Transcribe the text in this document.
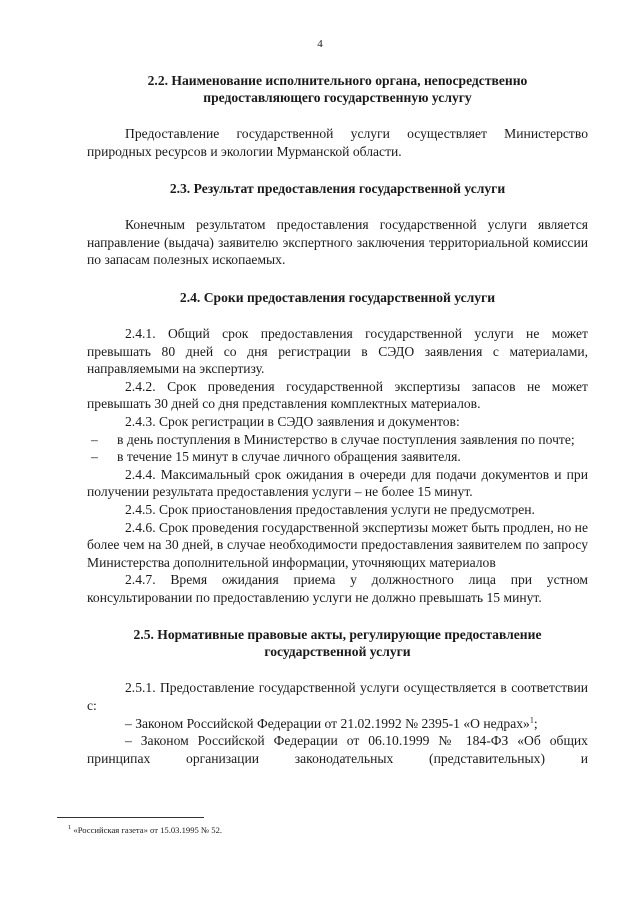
4
2.2. Наименование исполнительного органа, непосредственно
предоставляющего государственную услугу

Предоставление государственной услуги осуществляет Министерство природных ресурсов и экологии Мурманской области.

2.3. Результат предоставления государственной услуги

Конечным результатом предоставления государственной услуги является направление (выдача) заявителю экспертного заключения территориальной комиссии по запасам полезных ископаемых.

2.4. Сроки предоставления государственной услуги

2.4.1. Общий срок предоставления государственной услуги не может превышать 80 дней со дня регистрации в СЭДО заявления с материалами, направляемыми на экспертизу.

2.4.2. Срок проведения государственной экспертизы запасов не может превышать 30 дней со дня представления комплектных материалов.

2.4.3. Срок регистрации в СЭДО заявления и документов:

– в день поступления в Министерство в случае поступления заявления по почте;
– в течение 15 минут в случае личного обращения заявителя.

2.4.4. Максимальный срок ожидания в очереди для подачи документов и при получении результата предоставления услуги – не более 15 минут.

2.4.5. Срок приостановления предоставления услуги не предусмотрен.

2.4.6. Срок проведения государственной экспертизы может быть продлен, но не более чем на 30 дней, в случае необходимости предоставления заявителем по запросу Министерства дополнительной информации, уточняющих материалов

2.4.7. Время ожидания приема у должностного лица при устном консультировании по предоставлению услуги не должно превышать 15 минут.

2.5. Нормативные правовые акты, регулирующие предоставление
государственной услуги

2.5.1. Предоставление государственной услуги осуществляется в соответствии с:

– Законом Российской Федерации от 21.02.1992 № 2395-1 «О недрах»$^1$;

– Законом Российской Федерации от 06.10.1999 № 184-ФЗ «Об общих

принципах организации законодательных (представительных) и

$^1$ «Российская газета» от 15.03.1995 № 52.
